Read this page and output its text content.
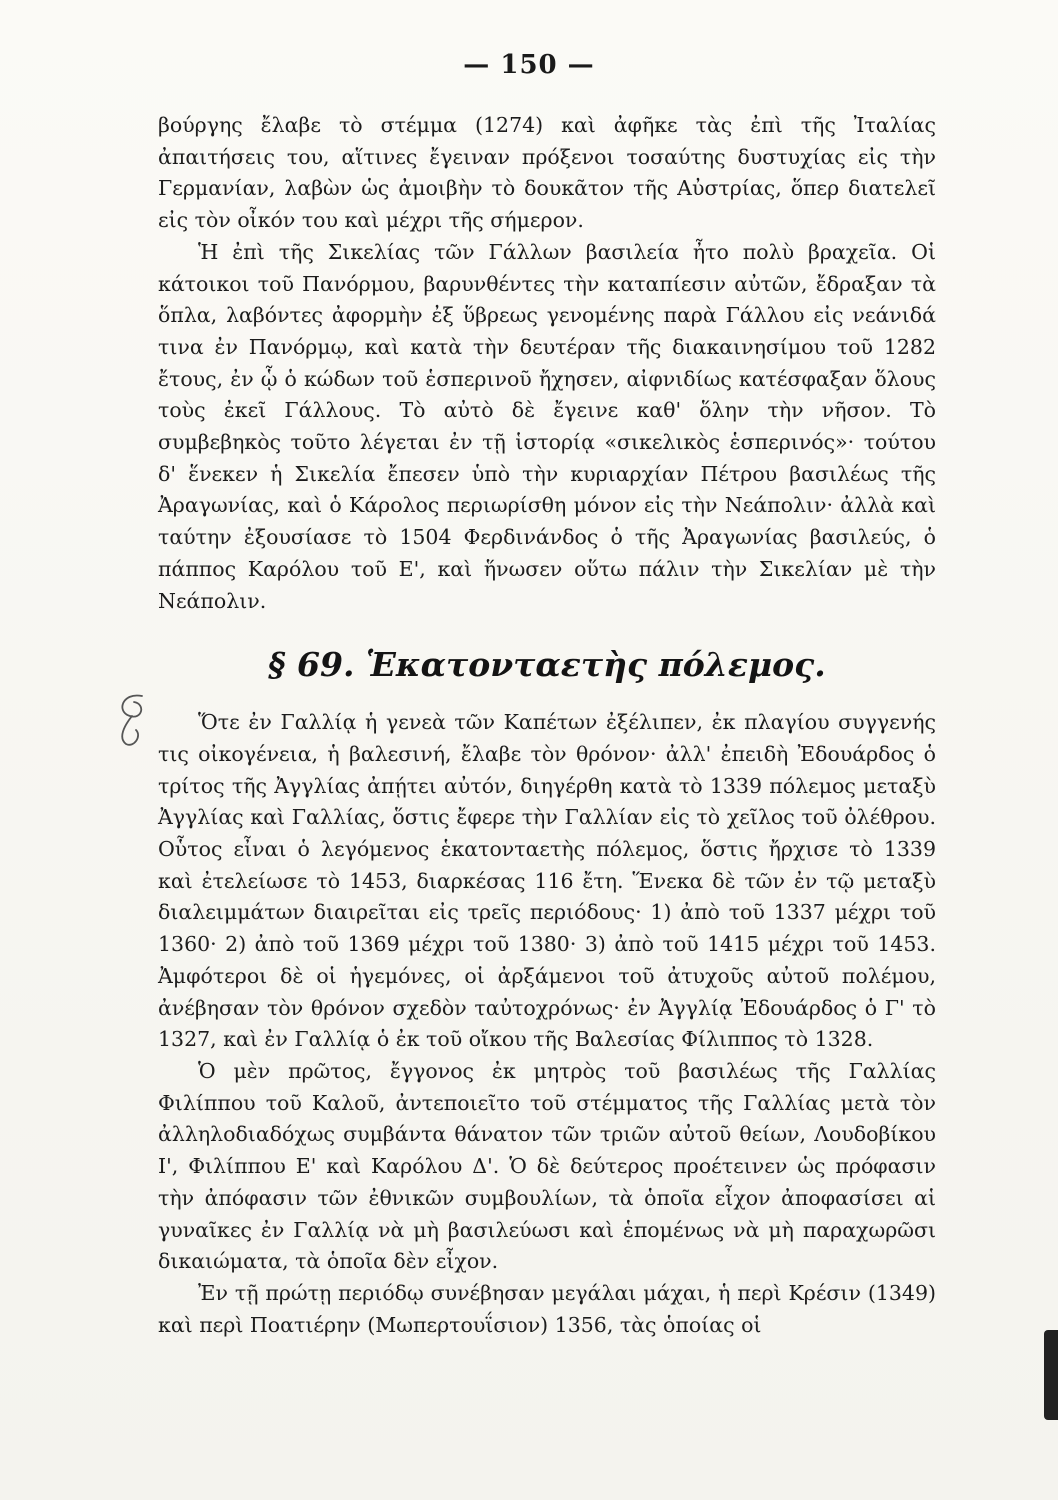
— 150 —

βούργης ἔλαβε τὸ στέμμα (1274) καὶ ἀφῆκε τὰς ἐπὶ τῆς Ἰταλίας ἀπαιτήσεις του, αἵτινες ἔγειναν πρόξενοι τοσαύτης δυστυχίας εἰς τὴν Γερμανίαν, λαβὼν ὡς ἀμοιβὴν τὸ δουκᾶτον τῆς Αὐστρίας, ὅπερ διατελεῖ εἰς τὸν οἶκόν του καὶ μέχρι τῆς σήμερον.

Ἡ ἐπὶ τῆς Σικελίας τῶν Γάλλων βασιλεία ἦτο πολὺ βραχεῖα. Οἱ κάτοικοι τοῦ Πανόρμου, βαρυνθέντες τὴν καταπίεσιν αὐτῶν, ἔδραξαν τὰ ὅπλα, λαβόντες ἀφορμὴν ἐξ ὕβρεως γενομένης παρὰ Γάλλου εἰς νεάνιδά τινα ἐν Πανόρμῳ, καὶ κατὰ τὴν δευτέραν τῆς διακαινησίμου τοῦ 1282 ἔτους, ἐν ᾧ ὁ κώδων τοῦ ἑσπερινοῦ ἤχησεν, αἰφνιδίως κατέσφαξαν ὅλους τοὺς ἐκεῖ Γάλλους. Τὸ αὐτὸ δὲ ἔγεινε καθ' ὅλην τὴν νῆσον. Τὸ συμβεβηκὸς τοῦτο λέγεται ἐν τῇ ἱστορίᾳ «σικελικὸς ἑσπερινός»· τούτου δ' ἕνεκεν ἡ Σικελία ἔπεσεν ὑπὸ τὴν κυριαρχίαν Πέτρου βασιλέως τῆς Ἀραγωνίας, καὶ ὁ Κάρολος περιωρίσθη μόνον εἰς τὴν Νεάπολιν· ἀλλὰ καὶ ταύτην ἐξουσίασε τὸ 1504 Φερδινάνδος ὁ τῆς Ἀραγωνίας βασιλεύς, ὁ πάππος Καρόλου τοῦ Ε', καὶ ἥνωσεν οὕτω πάλιν τὴν Σικελίαν μὲ τὴν Νεάπολιν.

§ 69. Ἑκατονταετὴς πόλεμος.

Ὅτε ἐν Γαλλίᾳ ἡ γενεὰ τῶν Καπέτων ἐξέλιπεν, ἐκ πλαγίου συγγενής τις οἰκογένεια, ἡ βαλεσινή, ἔλαβε τὸν θρόνον· ἀλλ' ἐπειδὴ Ἐδουάρδος ὁ τρίτος τῆς Ἀγγλίας ἀπῄτει αὐτόν, διηγέρθη κατὰ τὸ 1339 πόλεμος μεταξὺ Ἀγγλίας καὶ Γαλλίας, ὅστις ἔφερε τὴν Γαλλίαν εἰς τὸ χεῖλος τοῦ ὀλέθρου. Οὗτος εἶναι ὁ λεγόμενος ἑκατονταετὴς πόλεμος, ὅστις ἤρχισε τὸ 1339 καὶ ἐτελείωσε τὸ 1453, διαρκέσας 116 ἔτη. Ἕνεκα δὲ τῶν ἐν τῷ μεταξὺ διαλειμμάτων διαιρεῖται εἰς τρεῖς περιόδους· 1) ἀπὸ τοῦ 1337 μέχρι τοῦ 1360· 2) ἀπὸ τοῦ 1369 μέχρι τοῦ 1380· 3) ἀπὸ τοῦ 1415 μέχρι τοῦ 1453. Ἀμφότεροι δὲ οἱ ἡγεμόνες, οἱ ἀρξάμενοι τοῦ ἀτυχοῦς αὐτοῦ πολέμου, ἀνέβησαν τὸν θρόνον σχεδὸν ταὐτοχρόνως· ἐν Ἀγγλίᾳ Ἐδουάρδος ὁ Γ' τὸ 1327, καὶ ἐν Γαλλίᾳ ὁ ἐκ τοῦ οἴκου τῆς Βαλεσίας Φίλιππος τὸ 1328.

Ὁ μὲν πρῶτος, ἔγγονος ἐκ μητρὸς τοῦ βασιλέως τῆς Γαλλίας Φιλίππου τοῦ Καλοῦ, ἀντεποιεῖτο τοῦ στέμματος τῆς Γαλλίας μετὰ τὸν ἀλληλοδιαδόχως συμβάντα θάνατον τῶν τριῶν αὐτοῦ θείων, Λουδοβίκου Ι', Φιλίππου Ε' καὶ Καρόλου Δ'. Ὁ δὲ δεύτερος προέτεινεν ὡς πρόφασιν τὴν ἀπόφασιν τῶν ἐθνικῶν συμβουλίων, τὰ ὁποῖα εἶχον ἀποφασίσει αἱ γυναῖκες ἐν Γαλλίᾳ νὰ μὴ βασιλεύωσι καὶ ἑπομένως νὰ μὴ παραχωρῶσι δικαιώματα, τὰ ὁποῖα δὲν εἶχον.

Ἐν τῇ πρώτῃ περιόδῳ συνέβησαν μεγάλαι μάχαι, ἡ περὶ Κρέσιν (1349) καὶ περὶ Ποατιέρην (Μωπερτουΐσιον) 1356, τὰς ὁποίας οἱ
